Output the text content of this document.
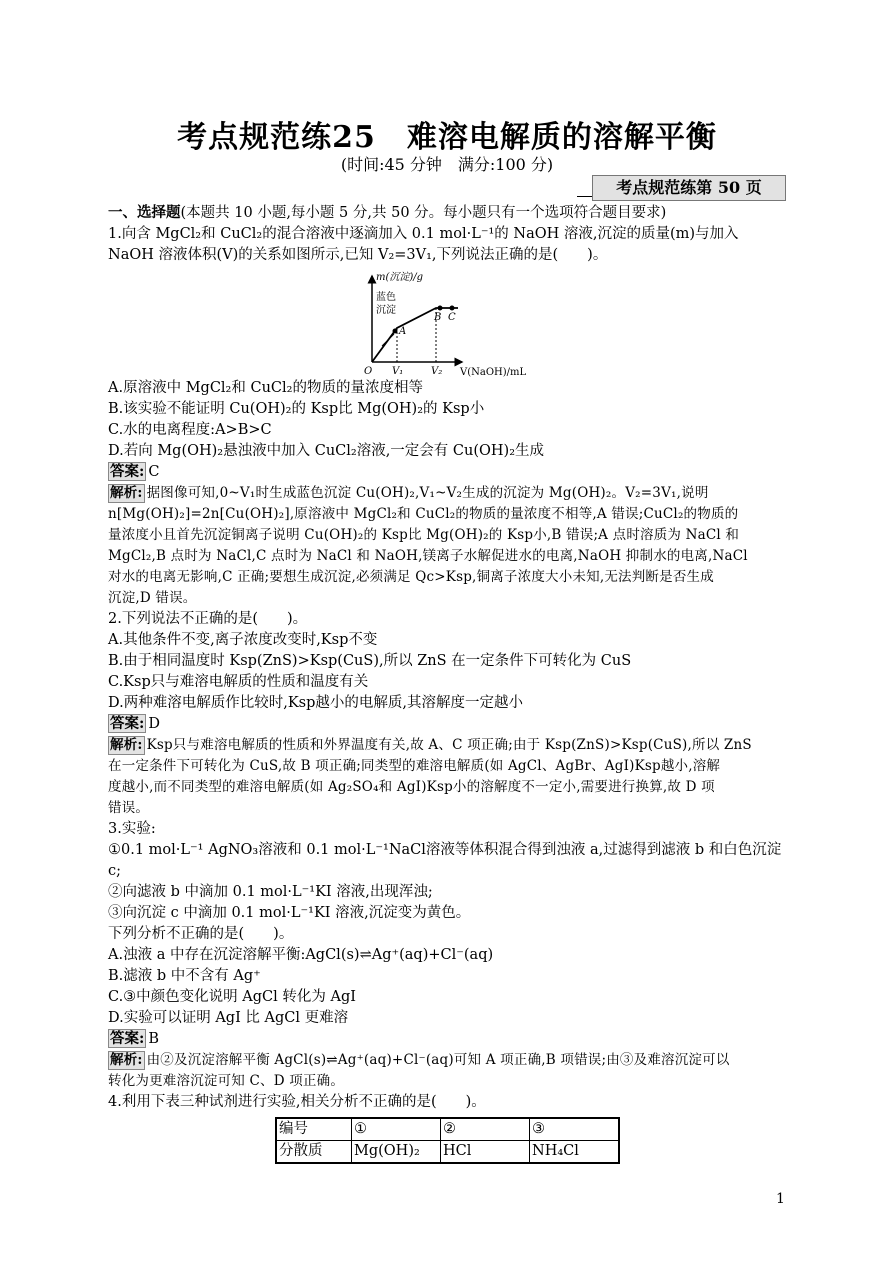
考点规范练25　难溶电解质的溶解平衡
(时间:45 分钟　满分:100 分)
考点规范练第 50 页

一、选择题(本题共 10 小题,每小题 5 分,共 50 分。每小题只有一个选项符合题目要求)

1.向含 MgCl₂和 CuCl₂的混合溶液中逐滴加入 0.1 mol·L⁻¹的 NaOH 溶液,沉淀的质量(m)与加入

NaOH 溶液体积(V)的关系如图所示,已知 V₂=3V₁,下列说法正确的是(　　)。

m(沉淀)/g
V(NaOH)/mL
蓝色
沉淀
O V₁	V₂
A
B C

A.原溶液中 MgCl₂和 CuCl₂的物质的量浓度相等

B.该实验不能证明 Cu(OH)₂的 Ksp比 Mg(OH)₂的 Ksp小

C.水的电离程度:A>B>C

D.若向 Mg(OH)₂悬浊液中加入 CuCl₂溶液,一定会有 Cu(OH)₂生成

答案: C

解析: 据图像可知,0~V₁时生成蓝色沉淀 Cu(OH)₂,V₁~V₂生成的沉淀为 Mg(OH)₂。V₂=3V₁,说明

n[Mg(OH)₂]=2n[Cu(OH)₂],原溶液中 MgCl₂和 CuCl₂的物质的量浓度不相等,A 错误;CuCl₂的物质的

量浓度小且首先沉淀铜离子说明 Cu(OH)₂的 Ksp比 Mg(OH)₂的 Ksp小,B 错误;A 点时溶质为 NaCl 和

MgCl₂,B 点时为 NaCl,C 点时为 NaCl 和 NaOH,镁离子水解促进水的电离,NaOH 抑制水的电离,NaCl

对水的电离无影响,C 正确;要想生成沉淀,必须满足 Qc>Ksp,铜离子浓度大小未知,无法判断是否生成

沉淀,D 错误。

2.下列说法不正确的是(　　)。

A.其他条件不变,离子浓度改变时,Ksp不变

B.由于相同温度时 Ksp(ZnS)>Ksp(CuS),所以 ZnS 在一定条件下可转化为 CuS

C.Ksp只与难溶电解质的性质和温度有关

D.两种难溶电解质作比较时,Ksp越小的电解质,其溶解度一定越小

答案: D

解析: Ksp只与难溶电解质的性质和外界温度有关,故 A、C 项正确;由于 Ksp(ZnS)>Ksp(CuS),所以 ZnS

在一定条件下可转化为 CuS,故 B 项正确;同类型的难溶电解质(如 AgCl、AgBr、AgI)Ksp越小,溶解

度越小,而不同类型的难溶电解质(如 Ag₂SO₄和 AgI)Ksp小的溶解度不一定小,需要进行换算,故 D 项

错误。

3.实验:

①0.1 mol·L⁻¹ AgNO₃溶液和 0.1 mol·L⁻¹NaCl溶液等体积混合得到浊液 a,过滤得到滤液 b 和白色沉淀

c;

②向滤液 b 中滴加 0.1 mol·L⁻¹KI 溶液,出现浑浊;

③向沉淀 c 中滴加 0.1 mol·L⁻¹KI 溶液,沉淀变为黄色。

下列分析不正确的是(　　)。

A.浊液 a 中存在沉淀溶解平衡:AgCl(s)⇌Ag⁺(aq)+Cl⁻(aq)

B.滤液 b 中不含有 Ag⁺

C.③中颜色变化说明 AgCl 转化为 AgI

D.实验可以证明 AgI 比 AgCl 更难溶

答案: B

解析: 由②及沉淀溶解平衡 AgCl(s)⇌Ag⁺(aq)+Cl⁻(aq)可知 A 项正确,B 项错误;由③及难溶沉淀可以

转化为更难溶沉淀可知 C、D 项正确。

4.利用下表三种试剂进行实验,相关分析不正确的是(　　)。

编号	①	②	③
分散质	Mg(OH)₂	HCl	NH₄Cl
1
